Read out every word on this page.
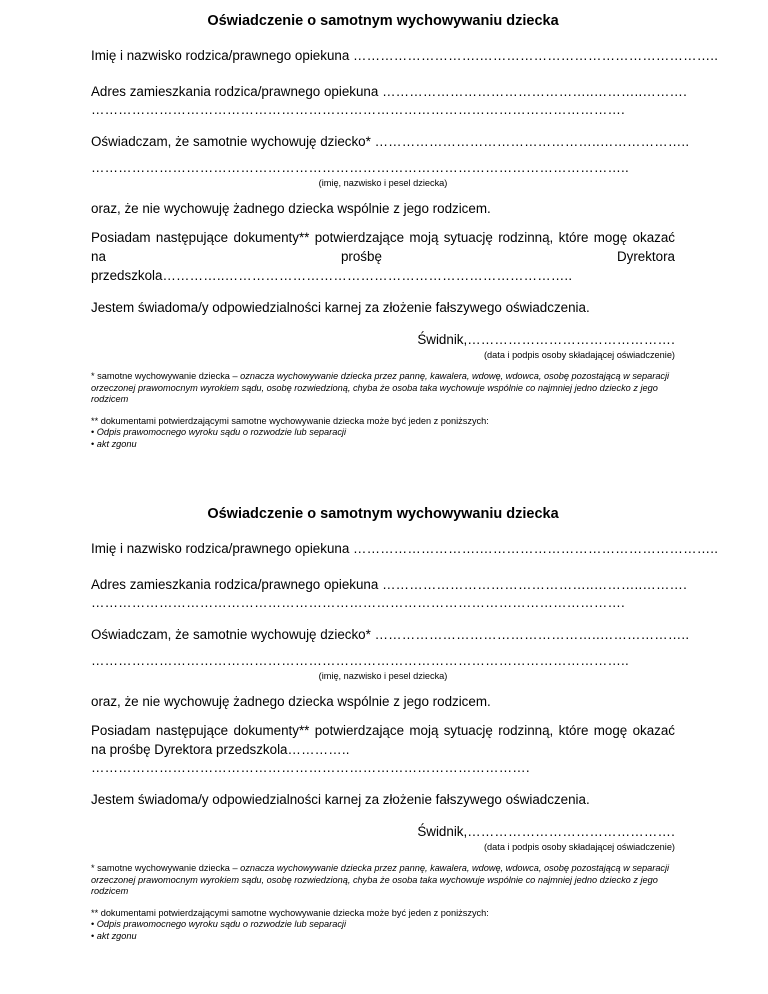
Oświadczenie o samotnym wychowywaniu dziecka
Imię i nazwisko rodzica/prawnego opiekuna ……………………….……………………………………………..
Adres zamieszkania rodzica/prawnego opiekuna ………………………………………..………..……….
……………………………………………………………………………………………………….
Oświadczam, że samotnie wychowuję dziecko* …………………………………………..………………..
………………………………………………………………………………………………………..
(imię, nazwisko i pesel dziecka)
oraz, że nie wychowuję żadnego dziecka wspólnie z jego rodzicem.
Posiadam następujące dokumenty** potwierdzające moją sytuację rodzinną, które mogę okazać na prośbę Dyrektora przedszkola…………..…………………………………………………………………..
Jestem świadoma/y odpowiedzialności karnej za złożenie fałszywego oświadczenia.
Świdnik,……………………………………….
(data i podpis osoby składającej oświadczenie)
* samotne wychowywanie dziecka – oznacza wychowywanie dziecka przez pannę, kawalera, wdowę, wdowca, osobę pozostającą w separacji orzeczonej prawomocnym wyrokiem sądu, osobę rozwiedzioną, chyba że osoba taka wychowuje wspólnie co najmniej jedno dziecko z jego rodzicem
** dokumentami potwierdzającymi samotne wychowywanie dziecka może być jeden z poniższych:
• Odpis prawomocnego wyroku sądu o rozwodzie lub separacji
• akt zgonu
Oświadczenie o samotnym wychowywaniu dziecka
Imię i nazwisko rodzica/prawnego opiekuna ……………………….……………………………………………..
Adres zamieszkania rodzica/prawnego opiekuna ………………………………………..………..……….
……………………………………………………………………………………………………….
Oświadczam, że samotnie wychowuję dziecko* …………………………………………..………………..
………………………………………………………………………………………………………..
(imię, nazwisko i pesel dziecka)
oraz, że nie wychowuję żadnego dziecka wspólnie z jego rodzicem.
Posiadam następujące dokumenty** potwierdzające moją sytuację rodzinną, które mogę okazać na prośbę Dyrektora przedszkola…………..
…………………………………………………………………………………….
Jestem świadoma/y odpowiedzialności karnej za złożenie fałszywego oświadczenia.
Świdnik,……………………………………….
(data i podpis osoby składającej oświadczenie)
* samotne wychowywanie dziecka – oznacza wychowywanie dziecka przez pannę, kawalera, wdowę, wdowca, osobę pozostającą w separacji orzeczonej prawomocnym wyrokiem sądu, osobę rozwiedzioną, chyba że osoba taka wychowuje wspólnie co najmniej jedno dziecko z jego rodzicem
** dokumentami potwierdzającymi samotne wychowywanie dziecka może być jeden z poniższych:
• Odpis prawomocnego wyroku sądu o rozwodzie lub separacji
• akt zgonu
